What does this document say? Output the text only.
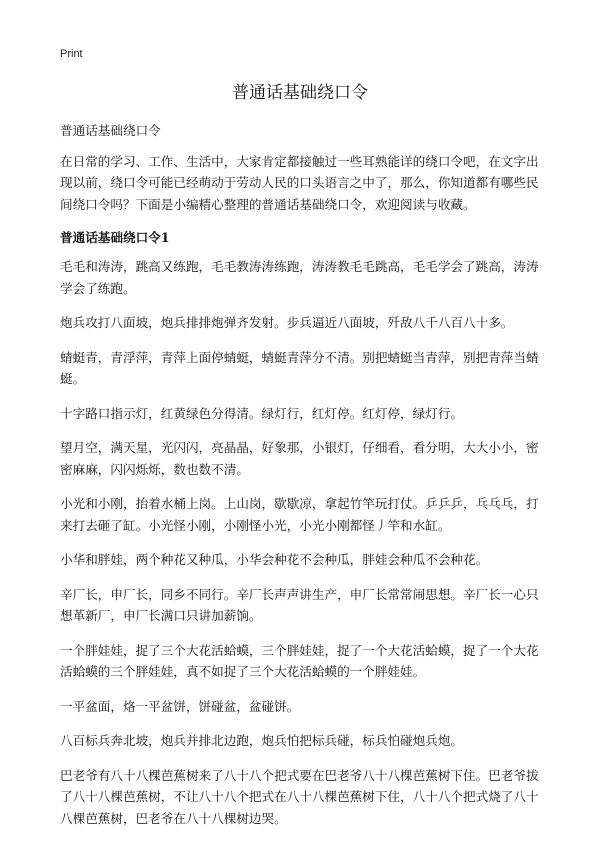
Print
普通话基础绕口令

普通话基础绕口令

在日常的学习、工作、生活中，大家肯定都接触过一些耳熟能详的绕口令吧，在文字出现以前，绕口令可能已经萌动于劳动人民的口头语言之中了，那么，你知道都有哪些民间绕口令吗？下面是小编精心整理的普通话基础绕口令，欢迎阅读与收藏。

普通话基础绕口令1

毛毛和涛涛，跳高又练跑，毛毛教涛涛练跑，涛涛教毛毛跳高，毛毛学会了跳高，涛涛学会了练跑。

炮兵攻打八面坡，炮兵排排炮弹齐发射。步兵逼近八面坡，歼敌八千八百八十多。

蜻蜓青，青浮萍，青萍上面停蜻蜓，蜻蜓青萍分不清。别把蜻蜓当青萍，别把青萍当蜻蜓。

十字路口指示灯，红黄绿色分得清。绿灯行，红灯停。红灯停，绿灯行。

望月空，满天星，光闪闪，亮晶晶，好象那，小银灯，仔细看，看分明，大大小小，密密麻麻，闪闪烁烁，数也数不清。

小光和小刚，抬着水桶上岗。上山岗，歇歇凉，拿起竹竿玩打仗。乒乒乒，乓乓乓，打来打去砸了缸。小光怪小刚，小刚怪小光，小光小刚都怪丿竿和水缸。

小华和胖娃，两个种花又种瓜，小华会种花不会种瓜，胖娃会种瓜不会种花。

辛厂长，申厂长，同乡不同行。辛厂长声声讲生产，申厂长常常闹思想。辛厂长一心只想革新厂，申厂长满口只讲加薪饷。

一个胖娃娃，捉了三个大花活蛤蟆，三个胖娃娃，捉了一个大花活蛤蟆，捉了一个大花活蛤蟆的三个胖娃娃，真不如捉了三个大花活蛤蟆的一个胖娃娃。

一平盆面，烙一平盆饼，饼碰盆，盆碰饼。

八百标兵奔北坡，炮兵并排北边跑，炮兵怕把标兵碰，标兵怕碰炮兵炮。

巴老爷有八十八棵芭蕉树来了八十八个把式要在巴老爷八十八棵芭蕉树下住。巴老爷拔了八十八棵芭蕉树，不让八十八个把式在八十八棵芭蕉树下住，八十八个把式烧了八十八棵芭蕉树，巴老爷在八十八棵树边哭。
